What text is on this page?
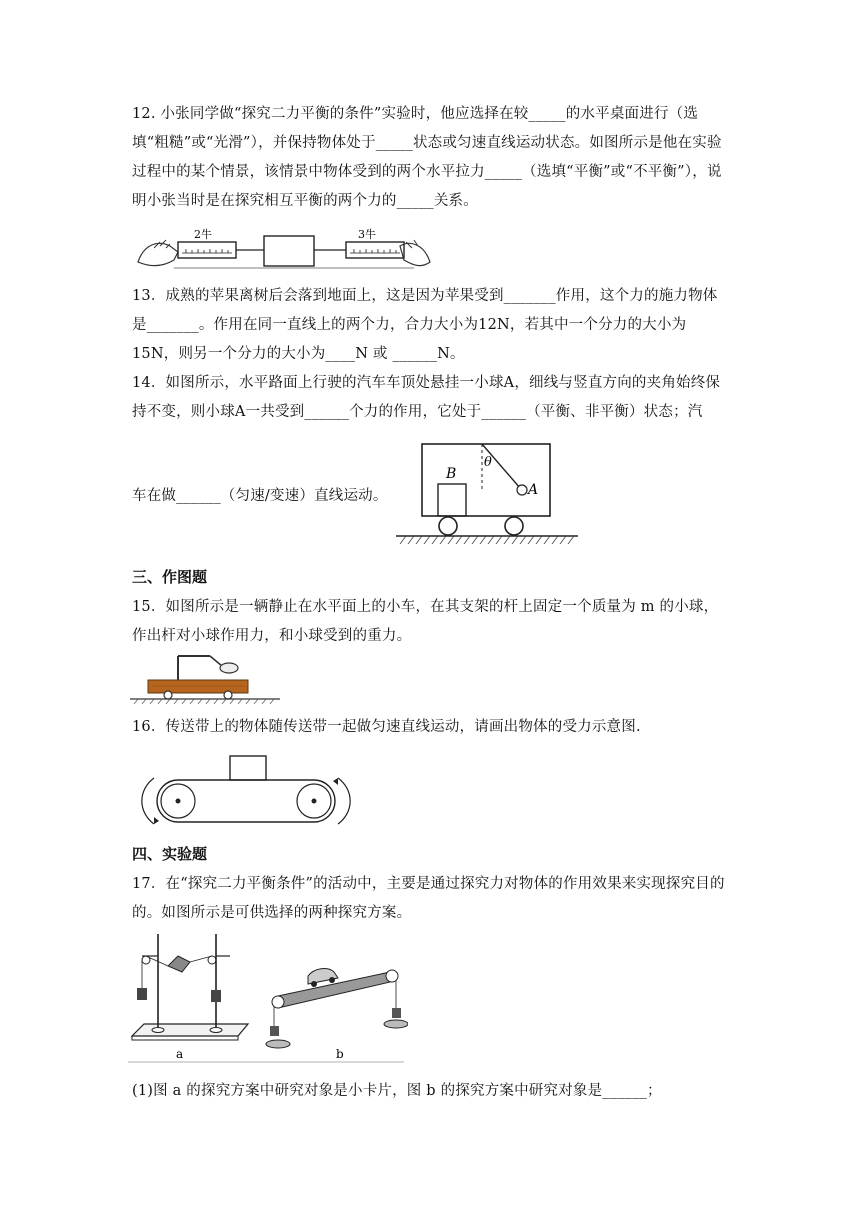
12. 小张同学做“探究二力平衡的条件”实验时，他应选择在较_____的水平桌面进行（选填“粗糙”或“光滑”），并保持物体处于_____状态或匀速直线运动状态。如图所示是他在实验过程中的某个情景，该情景中物体受到的两个水平拉力_____（选填“平衡”或“不平衡”），说明小张当时是在探究相互平衡的两个力的_____关系。

2牛	3牛

13．成熟的苹果离树后会落到地面上，这是因为苹果受到_______作用，这个力的施力物体是_______。作用在同一直线上的两个力，合力大小为12N，若其中一个分力的大小为15N，则另一个分力的大小为____N 或 ______N。

14．如图所示，水平路面上行驶的汽车车顶处悬挂一小球A，细线与竖直方向的夹角始终保持不变，则小球A一共受到______个力的作用，它处于______（平衡、非平衡）状态；汽

车在做______（匀速/变速）直线运动。

B
θ
A

三、作图题

15．如图所示是一辆静止在水平面上的小车，在其支架的杆上固定一个质量为 m 的小球，作出杆对小球作用力，和小球受到的重力。

16．传送带上的物体随传送带一起做匀速直线运动，请画出物体的受力示意图.

四、实验题

17．在“探究二力平衡条件”的活动中，主要是通过探究力对物体的作用效果来实现探究目的的。如图所示是可供选择的两种探究方案。

a	b

(1)图 a 的探究方案中研究对象是小卡片，图 b 的探究方案中研究对象是______；
